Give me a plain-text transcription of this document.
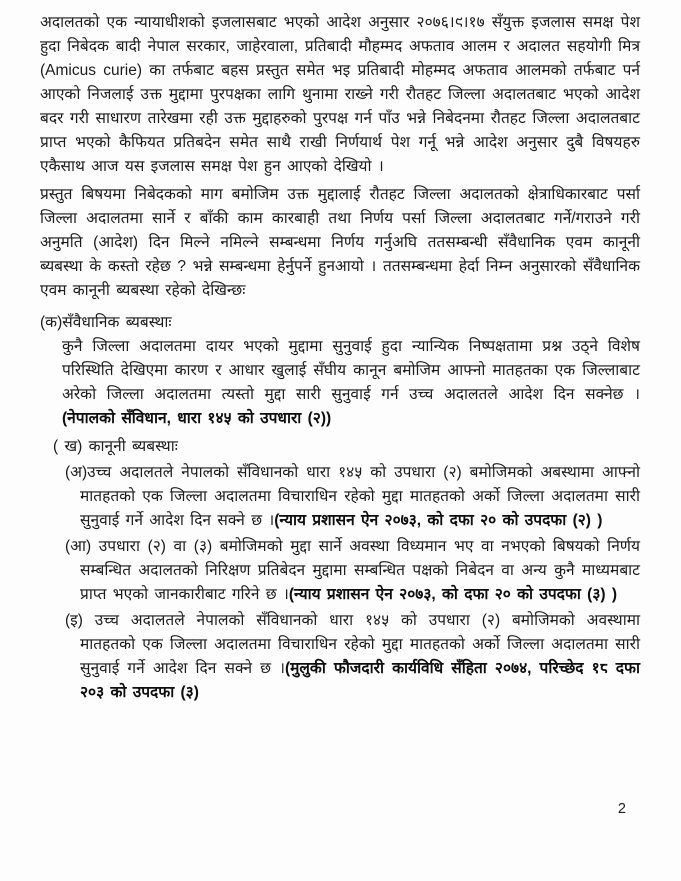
अदालतको एक न्यायाधीशको इजलासबाट भएको आदेश अनुसार २०७६।९।१७ सँयुक्त इजलास समक्ष पेश हुदा निबेदक बादी नेपाल सरकार, जाहेरवाला, प्रतिबादी मौहम्मद अफताव आलम र अदालत सहयोगी मित्र (Amicus curie) का तर्फबाट बहस प्रस्तुत समेत भइ प्रतिबादी मोहम्मद अफताव आलमको तर्फबाट पर्न आएको निजलाई उक्त मुद्दामा पुरपक्षका लागि थुनामा राख्ने गरी रौतहट जिल्ला अदालतबाट भएको आदेश बदर गरी साधारण तारेखमा रही उक्त मुद्दाहरुको पुरपक्ष गर्न पाँउ भन्ने निबेदनमा रौतहट जिल्ला अदालतबाट प्राप्त भएको कैफियत प्रतिबदेन समेत साथै राखी निर्णयार्थ पेश गर्नू भन्ने आदेश अनुसार दुबै विषयहरु एकैसाथ आज यस इजलास समक्ष पेश हुन आएको देखियो ।

प्रस्तुत बिषयमा निबेदकको माग बमोजिम उक्त मुद्दालाई रौतहट जिल्ला अदालतको क्षेत्राधिकारबाट पर्सा जिल्ला अदालतमा सार्ने र बाँकी काम कारबाही तथा निर्णय पर्सा जिल्ला अदालतबाट गर्ने/गराउने गरी अनुमति (आदेश) दिन मिल्ने नमिल्ने सम्बन्धमा निर्णय गर्नुअघि ततसम्बन्धी सँवैधानिक एवम कानूनी ब्यबस्था के कस्तो रहेछ ? भन्ने सम्बन्धमा हेर्नुपर्ने हुनआयो । ततसम्बन्धमा हेर्दा निम्न अनुसारको सँवैधानिक एवम कानूनी ब्यबस्था रहेको देखिन्छः

(क)सँवैधानिक ब्यबस्थाः

कुनै जिल्ला अदालतमा दायर भएको मुद्दामा सुनुवाई हुदा न्यान्यिक निष्पक्षतामा प्रश्न उठ्ने विशेष परिस्थिति देखिएमा कारण र आधार खुलाई सँघीय कानून बमोजिम आफ्नो मातहतका एक जिल्लाबाट अरेको जिल्ला अदालतमा त्यस्तो मुद्दा सारी सुनुवाई गर्न उच्च अदालतले आदेश दिन सक्नेछ । (नेपालको सँविधान, धारा १४५ को उपधारा (२))

( ख) कानूनी ब्यबस्थाः

(अ)उच्च अदालतले नेपालको सँविधानको धारा १४५ को उपधारा (२) बमोजिमको अबस्थामा आफ्नो मातहतको एक जिल्ला अदालतमा विचाराधिन रहेको मुद्दा मातहतको अर्को जिल्ला अदालतमा सारी सुनुवाई गर्ने आदेश दिन सक्ने छ ।(न्याय प्रशासन ऐन २०७३, को दफा २० को उपदफा (२) )

(आ) उपधारा (२) वा (३) बमोजिमको मुद्दा सार्ने अवस्था विध्यमान भए वा नभएको बिषयको निर्णय सम्बन्धित अदालतको निरिक्षण प्रतिबेदन मुद्दामा सम्बन्धित पक्षको निबेदन वा अन्य कुनै माध्यमबाट प्राप्त भएको जानकारीबाट गरिने छ ।(न्याय प्रशासन ऐन २०७३, को दफा २० को उपदफा (३) )

(इ) उच्च अदालतले नेपालको सँविधानको धारा १४५ को उपधारा (२) बमोजिमको अवस्थामा मातहतको एक जिल्ला अदालतमा विचाराधिन रहेको मुद्दा मातहतको अर्को जिल्ला अदालतमा सारी सुनुवाई गर्ने आदेश दिन सक्ने छ ।(मुलुकी फौजदारी कार्यविधि सँहिता २०७४, परिच्छेद १८ दफा २०३ को उपदफा (३)

2
